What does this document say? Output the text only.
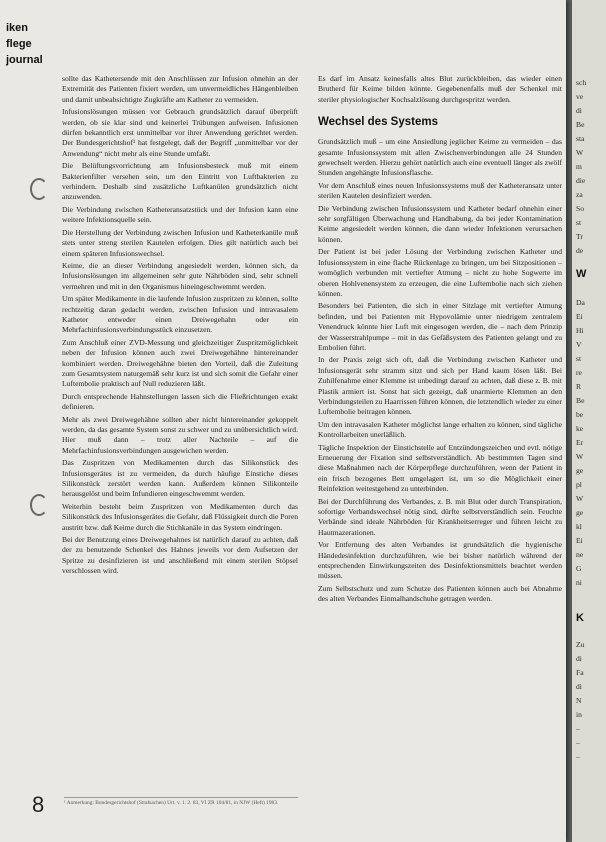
iken
flege
journal

sollte das Kathetersende mit den Anschlüssen zur Infusion ohnehin an der Extremität des Patienten fixiert werden, um unvermeidliches Hängenbleiben und damit unbeabsichtigte Zugkräfte am Katheter zu vermeiden.

Infusionslösungen müssen vor Gebrauch grundsätzlich darauf überprüft werden, ob sie klar sind und keinerlei Trübungen aufweisen. Infusionen dürfen bekanntlich erst unmittelbar vor ihrer Anwendung gerichtet werden. Der Bundesgerichtshof¹ hat festgelegt, daß der Begriff „unmittelbar vor der Anwendung“ nicht mehr als eine Stunde umfaßt.

Die Belüftungsvorrichtung am Infusionsbesteck muß mit einem Bakterienfilter versehen sein, um den Eintritt von Luftbakterien zu verhindern. Deshalb sind zusätzliche Luftkanülen grundsätzlich nicht anzuwenden.

Die Verbindung zwischen Katheteransatzstück und der Infusion kann eine weitere Infektionsquelle sein.

Die Herstellung der Verbindung zwischen Infusion und Katheterkanüle muß stets unter streng sterilen Kautelen erfolgen. Dies gilt natürlich auch bei einem späteren Infusionswechsel.

Keime, die an dieser Verbindung angesiedelt werden, können sich, da Infusionslösungen im allgemeinen sehr gute Nährböden sind, sehr schnell vermehren und mit in den Organismus hineingeschwemmt werden.

Um später Medikamente in die laufende Infusion zuspritzen zu können, sollte rechtzeitig daran gedacht werden, zwischen Infusion und intravasalem Katheter entweder einen Dreiwegehahn oder ein Mehrfachinfusionsverbindungsstück einzusetzen.

Zum Anschluß einer ZVD-Messung und gleichzeitiger Zuspritzmöglichkeit neben der Infusion können auch zwei Dreiwegehähne hintereinander kombiniert werden. Dreiwegehähne bieten den Vorteil, daß die Zuleitung zum Gesamtsystem naturgemäß sehr kurz ist und sich somit die Gefahr einer Luftembolie praktisch auf Null reduzieren läßt.

Durch entsprechende Hahnstellungen lassen sich die Fließrichtungen exakt definieren.

Mehr als zwei Dreiwegehähne sollten aber nicht hintereinander gekoppelt werden, da das gesamte System sonst zu schwer und zu unübersichtlich wird. Hier muß dann – trotz aller Nachteile – auf die Mehrfachinfusionsverbindungen ausgewichen werden.

Das Zuspritzen von Medikamenten durch das Silikonstück des Infusionsgerätes ist zu vermeiden, da durch häufige Einstiche dieses Silikonstück zerstört werden kann. Außerdem können Silikonteile herausgelöst und beim Infundieren eingeschwemmt werden.

Weiterhin besteht beim Zuspritzen von Medikamenten durch das Silikonstück des Infusionsgerätes die Gefahr, daß Flüssigkeit durch die Poren austritt bzw. daß Keime durch die Stichkanäle in das System eindringen.

Bei der Benutzung eines Dreiwegehahnes ist natürlich darauf zu achten, daß der zu benutzende Schenkel des Hahnes jeweils vor dem Aufsetzen der Spritze zu desinfizieren ist und anschließend mit einem sterilen Stöpsel verschlossen wird.

Es darf im Ansatz keinesfalls altes Blut zurückbleiben, das wieder einen Brutherd für Keime bilden könnte. Gegebenenfalls muß der Schenkel mit steriler physiologischer Kochsalzlösung durchgespritzt werden.

Wechsel des Systems

Grundsätzlich muß – um eine Ansiedlung jeglicher Keime zu vermeiden – das gesamte Infusionssystem mit allen Zwischenverbindungen alle 24 Stunden gewechselt werden. Hierzu gehört natürlich auch eine eventuell länger als zwölf Stunden angehängte Infusionsflasche.

Vor dem Anschluß eines neuen Infusionssystems muß der Katheteransatz unter sterilen Kautelen desinfiziert werden.

Die Verbindung zwischen Infusionssystem und Katheter bedarf ohnehin einer sehr sorgfältigen Überwachung und Handhabung, da bei jeder Kontamination Keime angesiedelt werden können, die dann wieder Infektionen verursachen können.

Der Patient ist bei jeder Lösung der Verbindung zwischen Katheter und Infusionssystem in eine flache Rückenlage zu bringen, um bei Sitzpositionen – womöglich verbunden mit vertiefter Atmung – nicht zu hohe Sogwerte im oberen Hohlvenensystem zu erzeugen, die eine Luftembolie nach sich ziehen können.

Besonders bei Patienten, die sich in einer Sitzlage mit vertiefter Atmung befinden, und bei Patienten mit Hypovolämie unter niedrigem zentralem Venendruck könnte hier Luft mit eingesogen werden, die – nach dem Prinzip der Wasserstrahlpumpe – mit in das Gefäßsystem des Patienten gelangt und zu Embolien führt.

In der Praxis zeigt sich oft, daß die Verbindung zwischen Katheter und Infusionsgerät sehr stramm sitzt und sich per Hand kaum lösen läßt. Bei Zuhilfenahme einer Klemme ist unbedingt darauf zu achten, daß diese z. B. mit Plastik armiert ist. Sonst hat sich gezeigt, daß unarmierte Klemmen an den Verbindungsteilen zu Haarrissen führen können, die letztendlich wieder zu einer Luftembolie beitragen können.

Um den intravasalen Katheter möglichst lange erhalten zu können, sind tägliche Kontrollarbeiten unerläßlich.

Tägliche Inspektion der Einstichstelle auf Entzündungszeichen und evtl. nötige Erneuerung der Fixation sind selbstverständlich. Ab bestimmten Tagen sind diese Maßnahmen nach der Körperpflege durchzuführen, wenn der Patient in ein frisch bezogenes Bett umgelagert ist, um so die Möglichkeit einer Reinfektion weitestgehend zu unterbinden.

Bei der Durchführung des Verbandes, z. B. mit Blut oder durch Transpiration, sofortige Verbandswechsel nötig sind, dürfte selbstverständlich sein. Feuchte Verbände sind ideale Nährböden für Krankheitserreger und führen leicht zu Hautmazerationen.

Vor Entfernung des alten Verbandes ist grundsätzlich die hygienische Händedesinfektion durchzuführen, wie bei bisher natürlich während der entsprechenden Einwirkungszeiten des Desinfektionsmittels beachtet werden müssen.

Zum Selbstschutz und zum Schutze des Patienten können auch bei Abnahme des alten Verbandes Einmalhandschuhe getragen werden.

8	¹ Anmerkung: Bundesgerichtshof (Strafsachen) Urt. v. 1. 2. 83, VI ZR 104/81, in NJW (Heft) 1983.
sch
ve
di
Be
sta
W
m
die
za
So
st
Tr
de
W
Da
Ei
Hi
V
st
re
R
Be
be
ke
Er
W
ge
pl
W
ge
kl
Ei
ne
G
ni
K
Zu
di
Fa
di
N
in
–
–
–
